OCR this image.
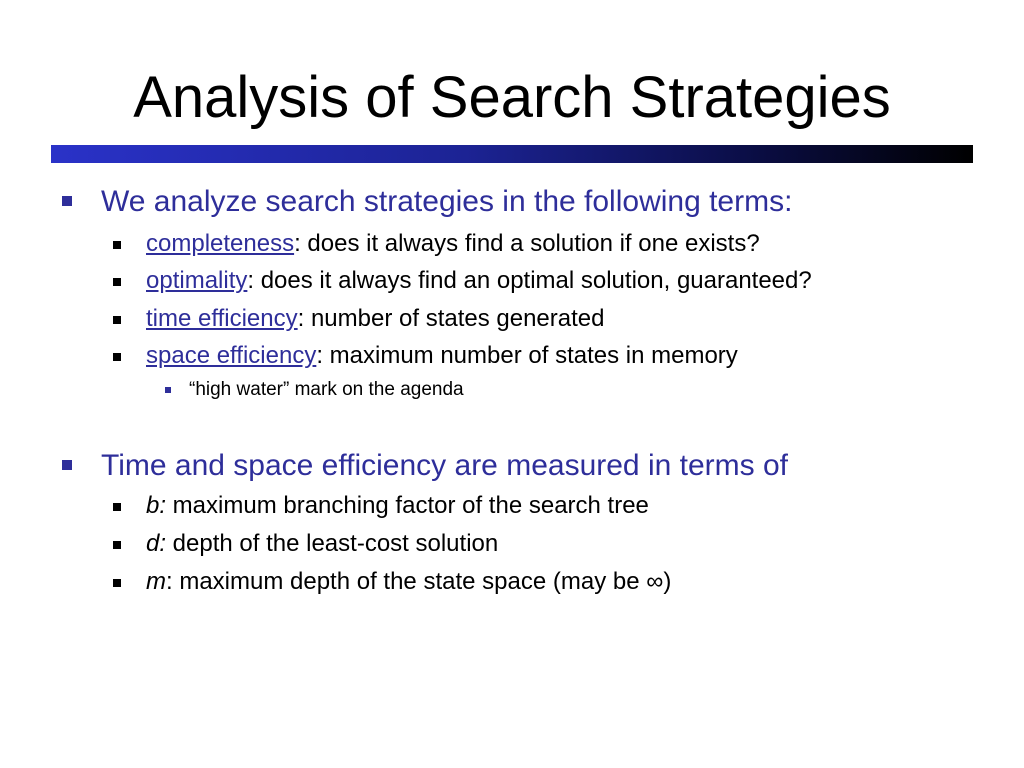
Analysis of Search Strategies
We analyze search strategies in the following terms:
completeness: does it always find a solution if one exists?
optimality: does it always find an optimal solution, guaranteed?
time efficiency: number of states generated
space efficiency: maximum number of states in memory
“high water” mark on the agenda
Time and space efficiency are measured in terms of
b: maximum branching factor of the search tree
d: depth of the least-cost solution
m: maximum depth of the state space (may be ∞)
